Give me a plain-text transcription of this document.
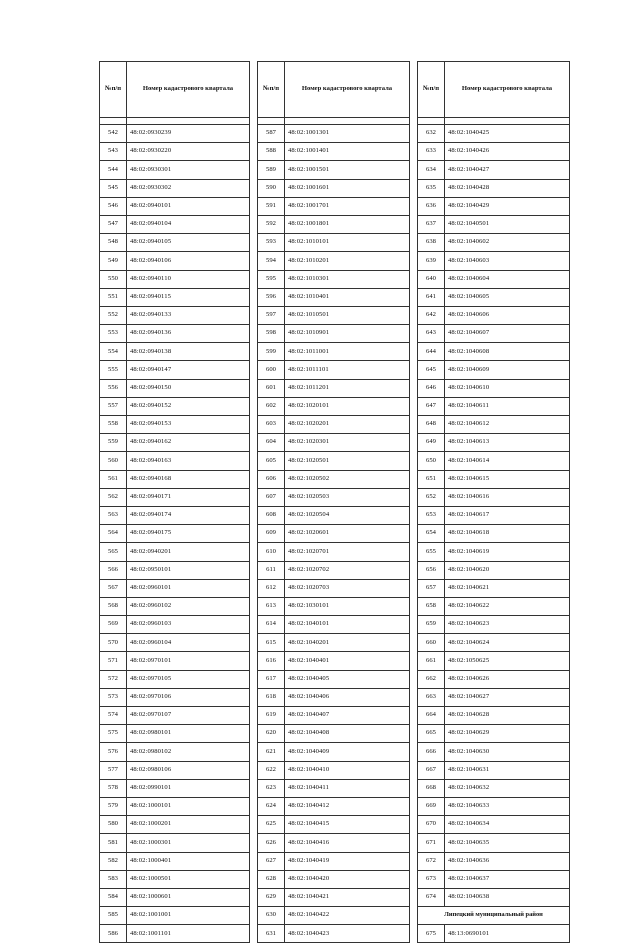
№п/п	Номер кадастрового квартала

542	48:02:0930239
543	48:02:0930220
544	48:02:0930301
545	48:02:0930302
546	48:02:0940101
547	48:02:0940104
548	48:02:0940105
549	48:02:0940106
550	48:02:0940110
551	48:02:0940115
552	48:02:0940133
553	48:02:0940136
554	48:02:0940138
555	48:02:0940147
556	48:02:0940150
557	48:02:0940152
558	48:02:0940153
559	48:02:0940162
560	48:02:0940163
561	48:02:0940168
562	48:02:0940171
563	48:02:0940174
564	48:02:0940175
565	48:02:0940201
566	48:02:0950101
567	48:02:0960101
568	48:02:0960102
569	48:02:0960103
570	48:02:0960104
571	48:02:0970101
572	48:02:0970105
573	48:02:0970106
574	48:02:0970107
575	48:02:0980101
576	48:02:0980102
577	48:02:0980106
578	48:02:0990101
579	48:02:1000101
580	48:02:1000201
581	48:02:1000301
582	48:02:1000401
583	48:02:1000501
584	48:02:1000601
585	48:02:1001001
586	48:02:1001101
№п/п	Номер кадастрового квартала

587	48:02:1001301
588	48:02:1001401
589	48:02:1001501
590	48:02:1001601
591	48:02:1001701
592	48:02:1001801
593	48:02:1010101
594	48:02:1010201
595	48:02:1010301
596	48:02:1010401
597	48:02:1010501
598	48:02:1010901
599	48:02:1011001
600	48:02:1011101
601	48:02:1011201
602	48:02:1020101
603	48:02:1020201
604	48:02:1020301
605	48:02:1020501
606	48:02:1020502
607	48:02:1020503
608	48:02:1020504
609	48:02:1020601
610	48:02:1020701
611	48:02:1020702
612	48:02:1020703
613	48:02:1030101
614	48:02:1040101
615	48:02:1040201
616	48:02:1040401
617	48:02:1040405
618	48:02:1040406
619	48:02:1040407
620	48:02:1040408
621	48:02:1040409
622	48:02:1040410
623	48:02:1040411
624	48:02:1040412
625	48:02:1040415
626	48:02:1040416
627	48:02:1040419
628	48:02:1040420
629	48:02:1040421
630	48:02:1040422
631	48:02:1040423
№п/п	Номер кадастрового квартала

632	48:02:1040425
633	48:02:1040426
634	48:02:1040427
635	48:02:1040428
636	48:02:1040429
637	48:02:1040501
638	48:02:1040602
639	48:02:1040603
640	48:02:1040604
641	48:02:1040605
642	48:02:1040606
643	48:02:1040607
644	48:02:1040608
645	48:02:1040609
646	48:02:1040610
647	48:02:1040611
648	48:02:1040612
649	48:02:1040613
650	48:02:1040614
651	48:02:1040615
652	48:02:1040616
653	48:02:1040617
654	48:02:1040618
655	48:02:1040619
656	48:02:1040620
657	48:02:1040621
658	48:02:1040622
659	48:02:1040623
660	48:02:1040624
661	48:02:1050625
662	48:02:1040626
663	48:02:1040627
664	48:02:1040628
665	48:02:1040629
666	48:02:1040630
667	48:02:1040631
668	48:02:1040632
669	48:02:1040633
670	48:02:1040634
671	48:02:1040635
672	48:02:1040636
673	48:02:1040637
674	48:02:1040638
Липецкий муниципальный район	
675	48:13:0690101
